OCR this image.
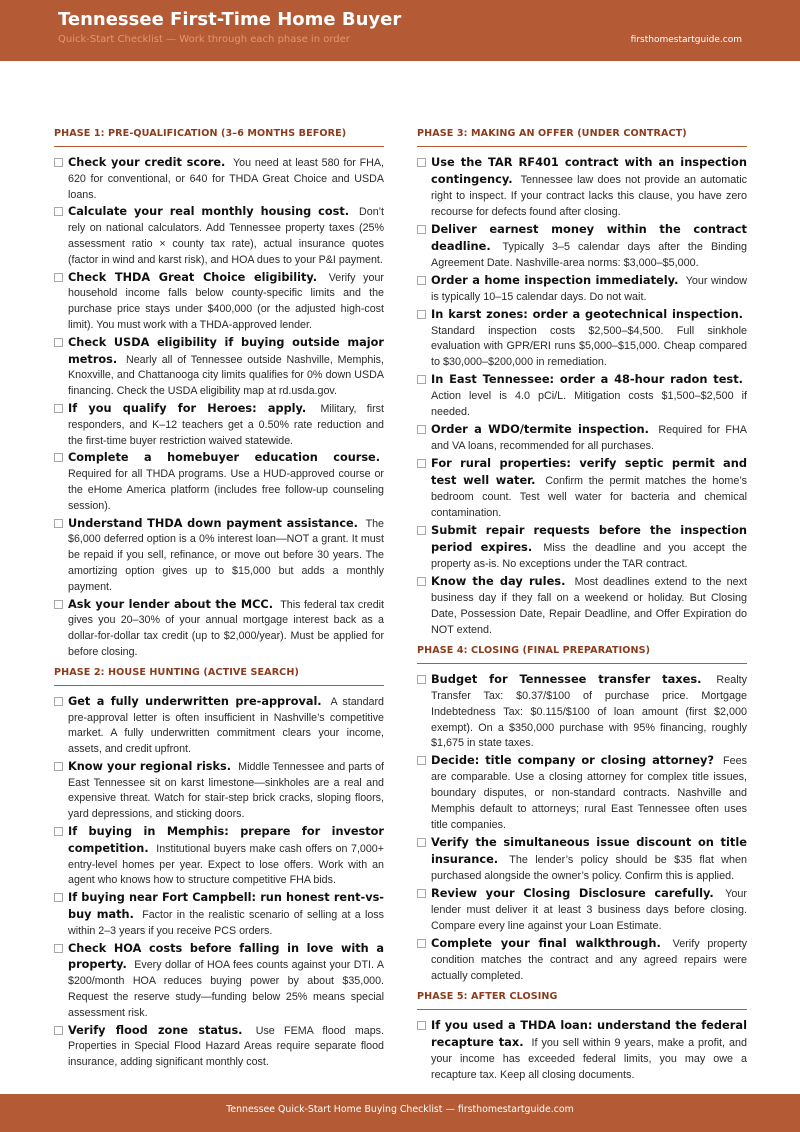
Tennessee First-Time Home Buyer
Quick-Start Checklist — Work through each phase in order	firsthomestartguide.com
PHASE 1: PRE-QUALIFICATION (3–6 MONTHS BEFORE)
Check your credit score. You need at least 580 for FHA, 620 for conventional, or 640 for THDA Great Choice and USDA loans.
Calculate your real monthly housing cost. Don’t rely on national calculators. Add Tennessee property taxes (25% assessment ratio × county tax rate), actual insurance quotes (factor in wind and karst risk), and HOA dues to your P&I payment.
Check THDA Great Choice eligibility. Verify your household income falls below county-specific limits and the purchase price stays under $400,000 (or the adjusted high-cost limit). You must work with a THDA-approved lender.
Check USDA eligibility if buying outside major metros. Nearly all of Tennessee outside Nashville, Memphis, Knoxville, and Chattanooga city limits qualifies for 0% down USDA financing. Check the USDA eligibility map at rd.usda.gov.
If you qualify for Heroes: apply. Military, first responders, and K–12 teachers get a 0.50% rate reduction and the first-time buyer restriction waived statewide.
Complete a homebuyer education course. Required for all THDA programs. Use a HUD-approved course or the eHome America platform (includes free follow-up counseling session).
Understand THDA down payment assistance. The $6,000 deferred option is a 0% interest loan—NOT a grant. It must be repaid if you sell, refinance, or move out before 30 years. The amortizing option gives up to $15,000 but adds a monthly payment.
Ask your lender about the MCC. This federal tax credit gives you 20–30% of your annual mortgage interest back as a dollar-for-dollar tax credit (up to $2,000/year). Must be applied for before closing.
PHASE 2: HOUSE HUNTING (ACTIVE SEARCH)
Get a fully underwritten pre-approval. A standard pre-approval letter is often insufficient in Nashville’s competitive market. A fully underwritten commitment clears your income, assets, and credit upfront.
Know your regional risks. Middle Tennessee and parts of East Tennessee sit on karst limestone—sinkholes are a real and expensive threat. Watch for stair-step brick cracks, sloping floors, yard depressions, and sticking doors.
If buying in Memphis: prepare for investor competition. Institutional buyers make cash offers on 7,000+ entry-level homes per year. Expect to lose offers. Work with an agent who knows how to structure competitive FHA bids.
If buying near Fort Campbell: run honest rent-vs-buy math. Factor in the realistic scenario of selling at a loss within 2–3 years if you receive PCS orders.
Check HOA costs before falling in love with a property. Every dollar of HOA fees counts against your DTI. A $200/month HOA reduces buying power by about $35,000. Request the reserve study—funding below 25% means special assessment risk.
Verify flood zone status. Use FEMA flood maps. Properties in Special Flood Hazard Areas require separate flood insurance, adding significant monthly cost.
PHASE 3: MAKING AN OFFER (UNDER CONTRACT)
Use the TAR RF401 contract with an inspection contingency. Tennessee law does not provide an automatic right to inspect. If your contract lacks this clause, you have zero recourse for defects found after closing.
Deliver earnest money within the contract deadline. Typically 3–5 calendar days after the Binding Agreement Date. Nashville-area norms: $3,000–$5,000.
Order a home inspection immediately. Your window is typically 10–15 calendar days. Do not wait.
In karst zones: order a geotechnical inspection. Standard inspection costs $2,500–$4,500. Full sinkhole evaluation with GPR/ERI runs $5,000–$15,000. Cheap compared to $30,000–$200,000 in remediation.
In East Tennessee: order a 48-hour radon test. Action level is 4.0 pCi/L. Mitigation costs $1,500–$2,500 if needed.
Order a WDO/termite inspection. Required for FHA and VA loans, recommended for all purchases.
For rural properties: verify septic permit and test well water. Confirm the permit matches the home’s bedroom count. Test well water for bacteria and chemical contamination.
Submit repair requests before the inspection period expires. Miss the deadline and you accept the property as-is. No exceptions under the TAR contract.
Know the day rules. Most deadlines extend to the next business day if they fall on a weekend or holiday. But Closing Date, Possession Date, Repair Deadline, and Offer Expiration do NOT extend.
PHASE 4: CLOSING (FINAL PREPARATIONS)
Budget for Tennessee transfer taxes. Realty Transfer Tax: $0.37/$100 of purchase price. Mortgage Indebtedness Tax: $0.115/$100 of loan amount (first $2,000 exempt). On a $350,000 purchase with 95% financing, roughly $1,675 in state taxes.
Decide: title company or closing attorney? Fees are comparable. Use a closing attorney for complex title issues, boundary disputes, or non-standard contracts. Nashville and Memphis default to attorneys; rural East Tennessee often uses title companies.
Verify the simultaneous issue discount on title insurance. The lender’s policy should be $35 flat when purchased alongside the owner’s policy. Confirm this is applied.
Review your Closing Disclosure carefully. Your lender must deliver it at least 3 business days before closing. Compare every line against your Loan Estimate.
Complete your final walkthrough. Verify property condition matches the contract and any agreed repairs were actually completed.
PHASE 5: AFTER CLOSING
If you used a THDA loan: understand the federal recapture tax. If you sell within 9 years, make a profit, and your income has exceeded federal limits, you may owe a recapture tax. Keep all closing documents.
Tennessee Quick-Start Home Buying Checklist — firsthomestartguide.com
